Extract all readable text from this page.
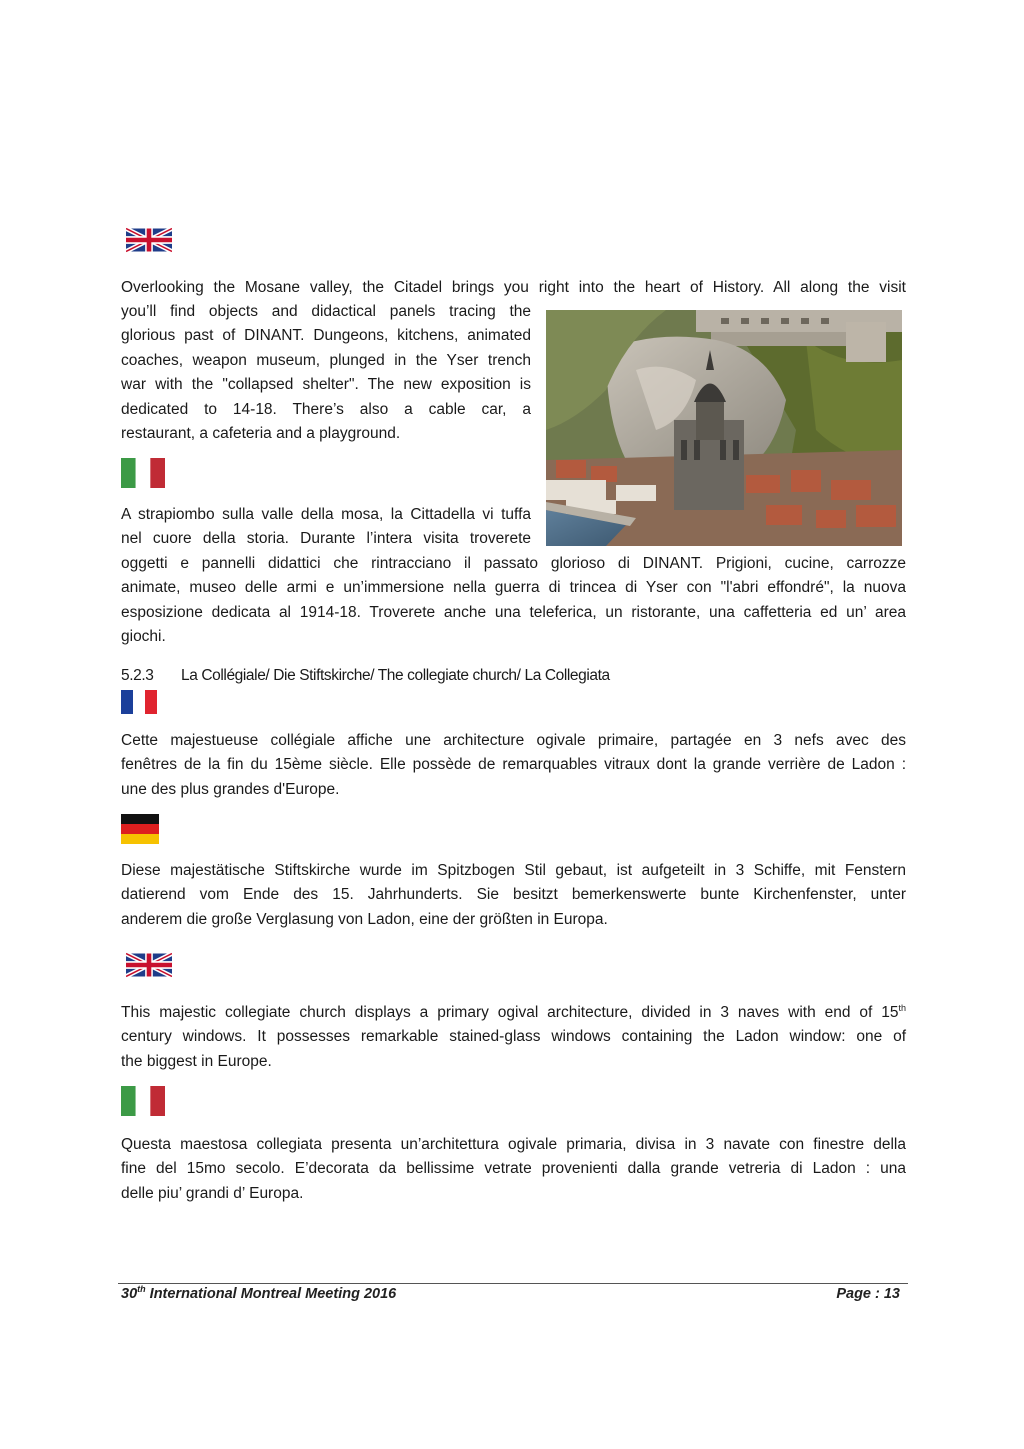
Overlooking the Mosane valley, the Citadel brings you right into the heart of History. All along the visit
you’ll find objects and didactical panels tracing the
glorious past of DINANT. Dungeons, kitchens, animated
coaches, weapon museum, plunged in the Yser trench
war with the "collapsed shelter". The new exposition is
dedicated to 14-18. There’s also a cable car, a
restaurant, a cafeteria and a playground.
A strapiombo sulla valle della mosa, la Cittadella vi tuffa
nel cuore della storia. Durante l’intera visita troverete
oggetti e pannelli didattici che rintracciano il passato glorioso di DINANT. Prigioni, cucine, carrozze
animate, museo delle armi e un’immersione nella guerra di trincea di Yser con "l'abri effondré", la nuova
esposizione dedicata al 1914-18. Troverete anche una teleferica, un ristorante, una caffetteria ed un’ area
giochi.
5.2.3 La Collégiale/ Die Stiftskirche/ The collegiate church/ La Collegiata
Cette majestueuse collégiale affiche une architecture ogivale primaire, partagée en 3 nefs avec des
fenêtres de la fin du 15ème siècle. Elle possède de remarquables vitraux dont la grande verrière de Ladon :
une des plus grandes d'Europe.
Diese majestätische Stiftskirche wurde im Spitzbogen Stil gebaut, ist aufgeteilt in 3 Schiffe, mit Fenstern
datierend vom Ende des 15. Jahrhunderts. Sie besitzt bemerkenswerte bunte Kirchenfenster, unter
anderem die große Verglasung von Ladon, eine der größten in Europa.
This majestic collegiate church displays a primary ogival architecture, divided in 3 naves with end of 15th
century windows. It possesses remarkable stained-glass windows containing the Ladon window: one of
the biggest in Europe.
Questa maestosa collegiata presenta un’architettura ogivale primaria, divisa in 3 navate con finestre della
fine del 15mo secolo. E’decorata da bellissime vetrate provenienti dalla grande vetreria di Ladon : una
delle piu’ grandi d’ Europa.
30th International Montreal Meeting 2016	Page : 13
